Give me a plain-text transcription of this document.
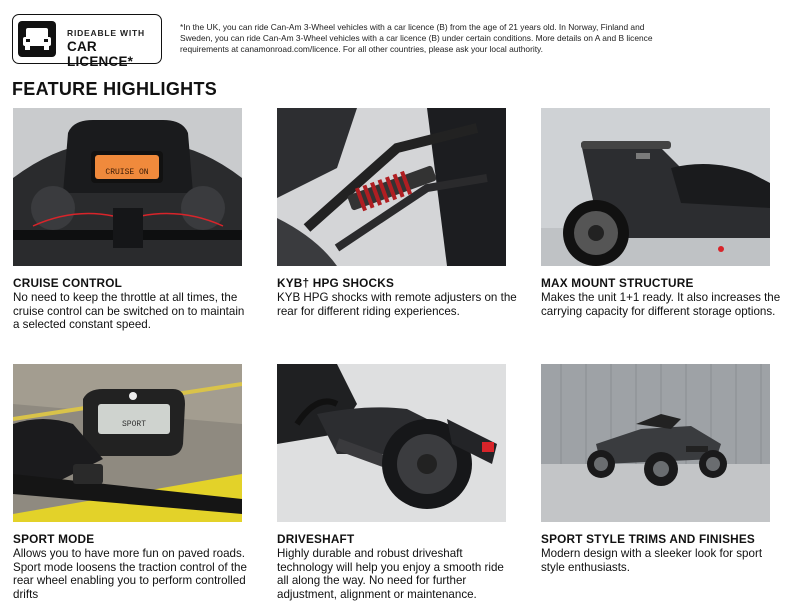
RIDEABLE WITH
CAR LICENCE*
*In the UK, you can ride Can-Am 3-Wheel vehicles with a car licence (B) from the age of 21 years old. In Norway, Finland and Sweden, you can ride Can-Am 3-Wheel vehicles with a car licence (B) under certain conditions. More details on A and B licence requirements at canamonroad.com/licence. For all other countries, please ask your local authority.
FEATURE HIGHLIGHTS
CRUISE ON
CRUISE CONTROL
No need to keep the throttle at all times, the cruise control can be switched on to maintain a selected constant speed.
KYB† HPG SHOCKS
KYB HPG shocks with remote adjusters on the rear for different riding experiences.
MAX MOUNT STRUCTURE
Makes the unit 1+1 ready. It also increases the carrying capacity for different storage options.
SPORT
SPORT MODE
Allows you to have more fun on paved roads. Sport mode loosens the traction control of the rear wheel enabling you to perform controlled drifts
DRIVESHAFT
Highly durable and robust driveshaft technology will help you enjoy a smooth ride all along the way. No need for further adjustment, alignment or maintenance.
SPORT STYLE TRIMS AND FINISHES
Modern design with a sleeker look for sport style enthusiasts.
